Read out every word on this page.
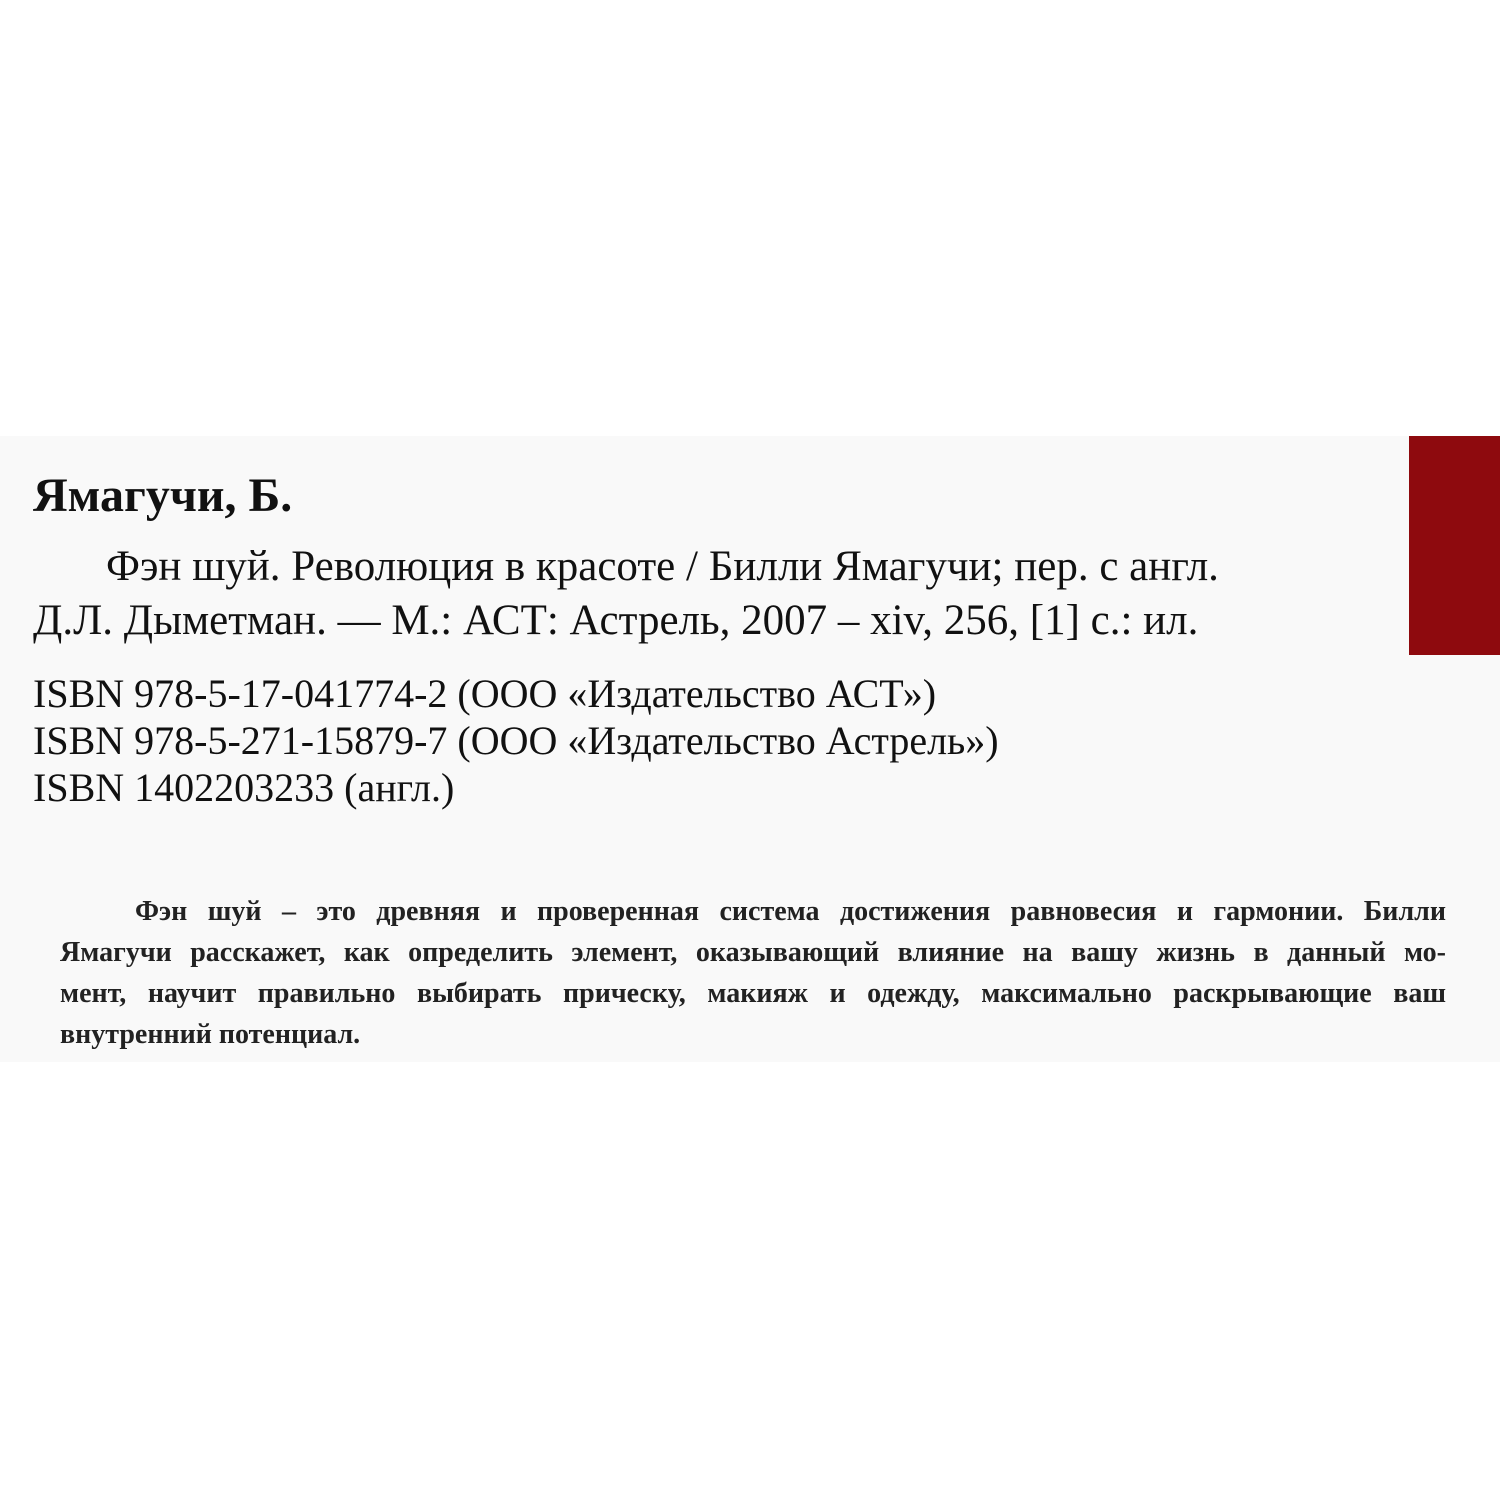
Ямагучи, Б.
Фэн шуй. Революция в красоте / Билли Ямагучи; пер. с англ.
Д.Л. Дыметман. — М.: АСТ: Астрель, 2007 – xiv, 256, [1] с.: ил.
ISBN 978-5-17-041774-2 (ООО «Издательство АСТ»)
ISBN 978-5-271-15879-7 (ООО «Издательство Астрель»)
ISBN 1402203233 (англ.)
Фэн шуй – это древняя и проверенная система достижения равновесия и гармонии. Билли
Ямагучи расскажет, как определить элемент, оказывающий влияние на вашу жизнь в данный мо-
мент, научит правильно выбирать прическу, макияж и одежду, максимально раскрывающие ваш
внутренний потенциал.
